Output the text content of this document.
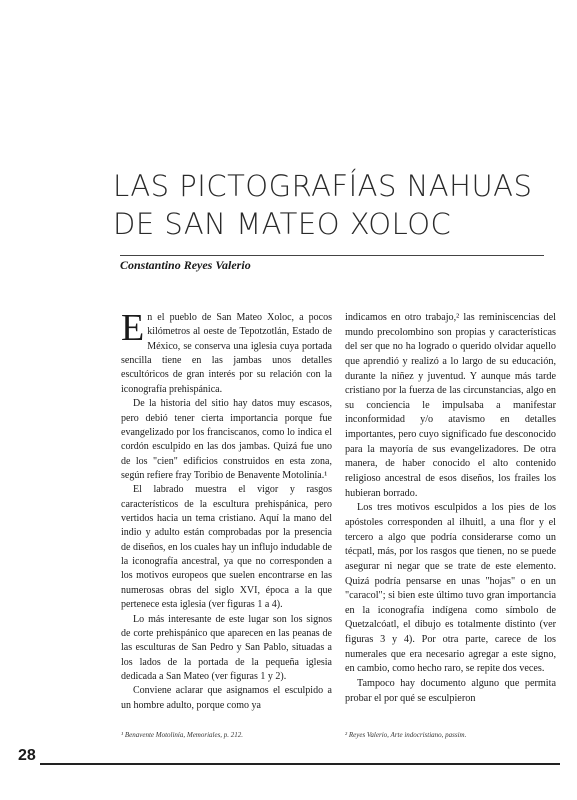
LAS PICTOGRAFÍAS NAHUAS
DE SAN MATEO XOLOC
Constantino Reyes Valerio

En el pueblo de San Mateo Xoloc, a pocos kilómetros al oeste de Tepotzotlán, Estado de México, se conserva una iglesia cuya portada sencilla tiene en las jambas unos detalles escultóricos de gran interés por su relación con la iconografía prehispánica.

De la historia del sitio hay datos muy escasos, pero debió tener cierta importancia porque fue evangelizado por los franciscanos, como lo indica el cordón esculpido en las dos jambas. Quizá fue uno de los "cien" edificios construidos en esta zona, según refiere fray Toribio de Benavente Motolinía.¹

El labrado muestra el vigor y rasgos característicos de la escultura prehispánica, pero vertidos hacia un tema cristiano. Aquí la mano del indio y adulto están comprobadas por la presencia de diseños, en los cuales hay un influjo indudable de la iconografía ancestral, ya que no corresponden a los motivos europeos que suelen encontrarse en las numerosas obras del siglo XVI, época a la que pertenece esta iglesia (ver figuras 1 a 4).

Lo más interesante de este lugar son los signos de corte prehispánico que aparecen en las peanas de las esculturas de San Pedro y San Pablo, situadas a los lados de la portada de la pequeña iglesia dedicada a San Mateo (ver figuras 1 y 2).

Conviene aclarar que asignamos el esculpido a un hombre adulto, porque como ya

indicamos en otro trabajo,² las reminiscencias del mundo precolombino son propias y características del ser que no ha logrado o querido olvidar aquello que aprendió y realizó a lo largo de su educación, durante la niñez y juventud. Y aunque más tarde cristiano por la fuerza de las circunstancias, algo en su conciencia le impulsaba a manifestar inconformidad y/o atavismo en detalles importantes, pero cuyo significado fue desconocido para la mayoría de sus evangelizadores. De otra manera, de haber conocido el alto contenido religioso ancestral de esos diseños, los frailes los hubieran borrado.

Los tres motivos esculpidos a los pies de los apóstoles corresponden al ilhuitl, a una flor y el tercero a algo que podría considerarse como un técpatl, más, por los rasgos que tienen, no se puede asegurar ni negar que se trate de este elemento. Quizá podría pensarse en unas "hojas" o en un "caracol"; si bien este último tuvo gran importancia en la iconografía indígena como símbolo de Quetzalcóatl, el dibujo es totalmente distinto (ver figuras 3 y 4). Por otra parte, carece de los numerales que era necesario agregar a este signo, en cambio, como hecho raro, se repite dos veces.

Tampoco hay documento alguno que permita probar el por qué se esculpieron

¹ Benavente Motolinía, Memoriales, p. 212.	² Reyes Valerio, Arte indocristiano, passim.
28
